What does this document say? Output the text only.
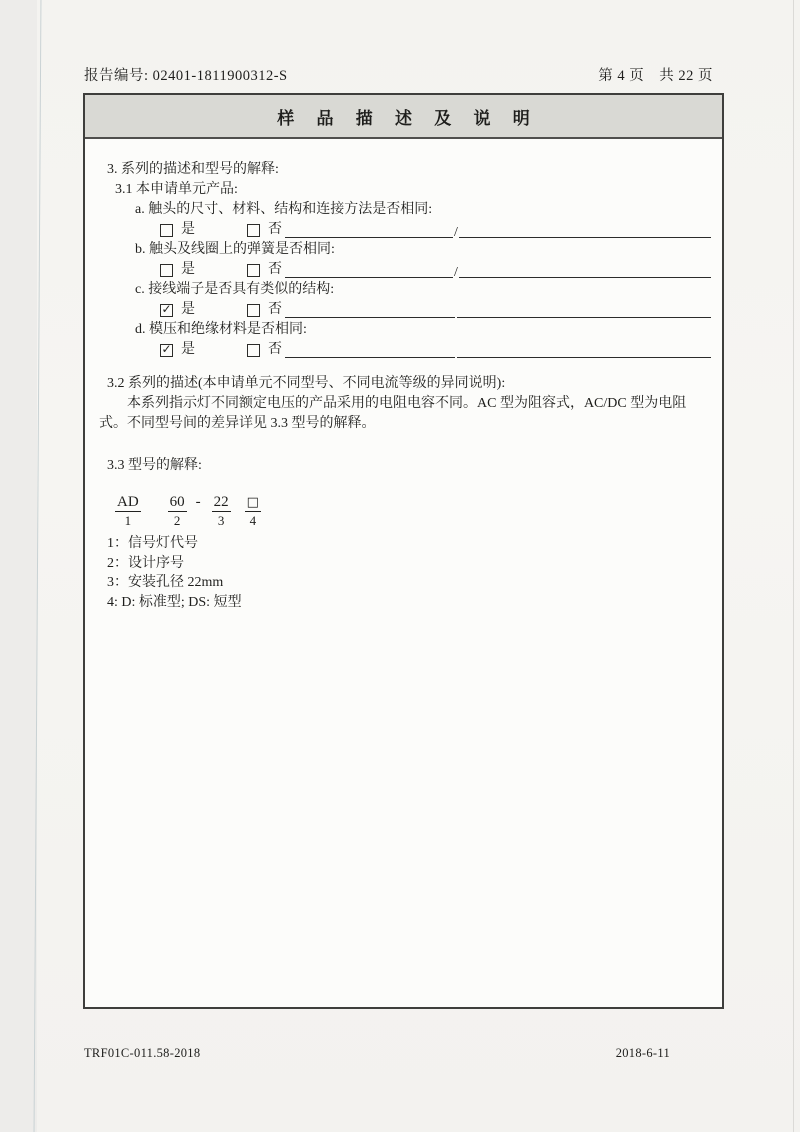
报告编号: 02401-1811900312-S	第 4 页　共 22 页
样 品 描 述 及 说 明
3. 系列的描述和型号的解释:
3.1 本申请单元产品:
a. 触头的尺寸、材料、结构和连接方法是否相同:
是	否	/
b. 触头及线圈上的弹簧是否相同:
是	否	/
c. 接线端子是否具有类似的结构:
✓ 是	否
d. 模压和绝缘材料是否相同:
✓ 是	否
3.2 系列的描述(本申请单元不同型号、不同电流等级的异同说明):

本系列指示灯不同额定电压的产品采用的电阻电容不同。AC 型为阻容式，AC/DC 型为电阻式。不同型号间的差异详见 3.3 型号的解释。

3.3 型号的解释:
AD
1
60
2
- 22
3
□
4
1：信号灯代号
2：设计序号
3：安装孔径 22mm
4: D: 标准型; DS: 短型
TRF01C-011.58-2018	2018-6-11
